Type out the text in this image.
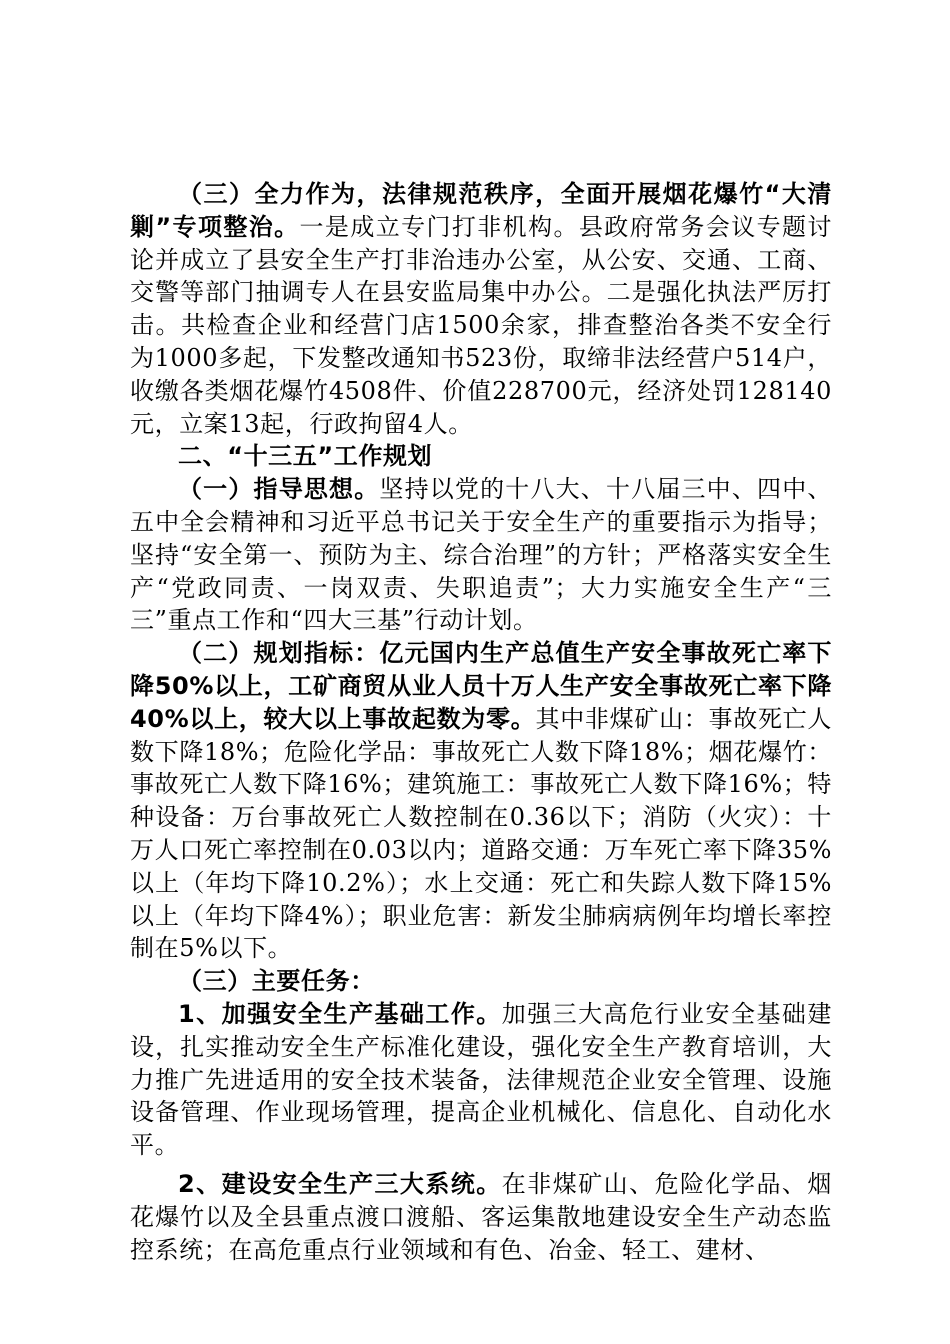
（三）全力作为，法律规范秩序，全面开展烟花爆竹“大清剿”专项整治。一是成立专门打非机构。县政府常务会议专题讨论并成立了县安全生产打非治违办公室，从公安、交通、工商、交警等部门抽调专人在县安监局集中办公。二是强化执法严厉打击。共检查企业和经营门店1500余家，排查整治各类不安全行为1000多起，下发整改通知书523份，取缔非法经营户514户，收缴各类烟花爆竹4508件、价值228700元，经济处罚128140元，立案13起，行政拘留4人。

二、“十三五”工作规划

（一）指导思想。坚持以党的十八大、十八届三中、四中、五中全会精神和习近平总书记关于安全生产的重要指示为指导；坚持“安全第一、预防为主、综合治理”的方针；严格落实安全生产“党政同责、一岗双责、失职追责”；大力实施安全生产“三三”重点工作和“四大三基”行动计划。

（二）规划指标：亿元国内生产总值生产安全事故死亡率下降50%以上，工矿商贸从业人员十万人生产安全事故死亡率下降40%以上，较大以上事故起数为零。其中非煤矿山：事故死亡人数下降18%；危险化学品：事故死亡人数下降18%；烟花爆竹：事故死亡人数下降16%；建筑施工：事故死亡人数下降16%；特种设备：万台事故死亡人数控制在0.36以下；消防（火灾）：十万人口死亡率控制在0.03以内；道路交通：万车死亡率下降35%以上（年均下降10.2%）；水上交通：死亡和失踪人数下降15%以上（年均下降4%）；职业危害：新发尘肺病病例年均增长率控制在5%以下。

（三）主要任务：

1、加强安全生产基础工作。加强三大高危行业安全基础建设，扎实推动安全生产标准化建设，强化安全生产教育培训，大力推广先进适用的安全技术装备，法律规范企业安全管理、设施设备管理、作业现场管理，提高企业机械化、信息化、自动化水平。

2、建设安全生产三大系统。在非煤矿山、危险化学品、烟花爆竹以及全县重点渡口渡船、客运集散地建设安全生产动态监控系统；在高危重点行业领域和有色、冶金、轻工、建材、
